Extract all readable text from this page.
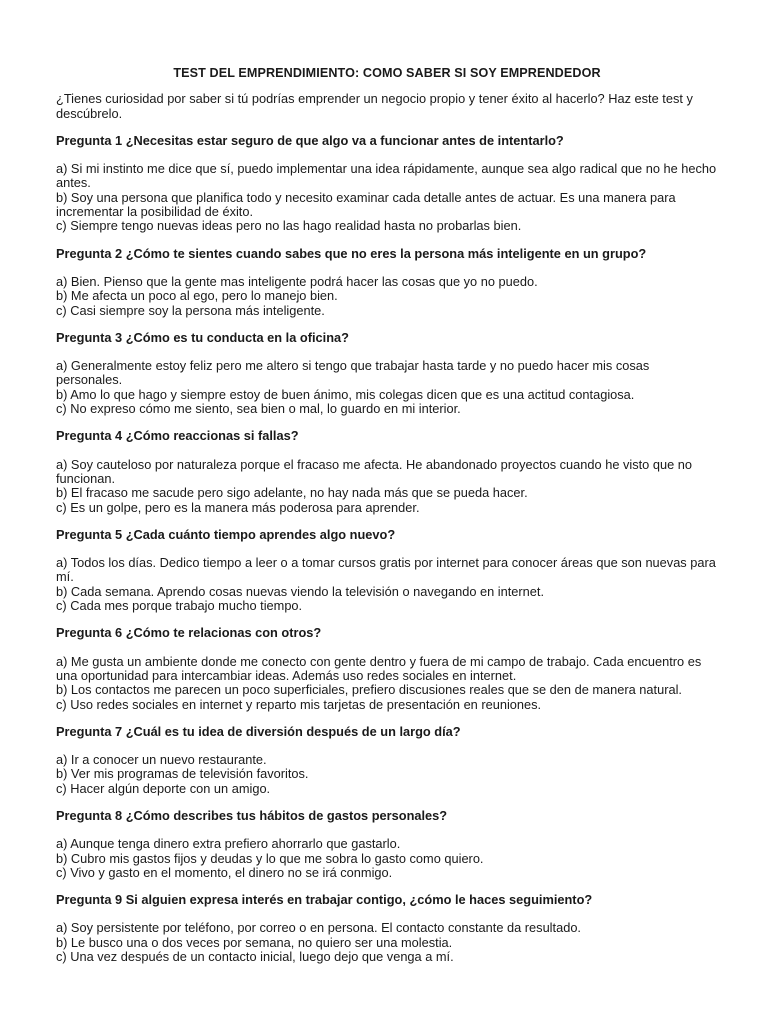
TEST DEL EMPRENDIMIENTO: COMO SABER SI SOY EMPRENDEDOR

¿Tienes curiosidad por saber si tú podrías emprender un negocio propio y tener éxito al hacerlo? Haz este test y descúbrelo.

Pregunta 1 ¿Necesitas estar seguro de que algo va a funcionar antes de intentarlo?

a) Si mi instinto me dice que sí, puedo implementar una idea rápidamente, aunque sea algo radical que no he hecho antes.

b) Soy una persona que planifica todo y necesito examinar cada detalle antes de actuar. Es una manera para incrementar la posibilidad de éxito.

c) Siempre tengo nuevas ideas pero no las hago realidad hasta no probarlas bien.

Pregunta 2 ¿Cómo te sientes cuando sabes que no eres la persona más inteligente en un grupo?

a) Bien. Pienso que la gente mas inteligente podrá hacer las cosas que yo no puedo.

b) Me afecta un poco al ego, pero lo manejo bien.

c) Casi siempre soy la persona más inteligente.

Pregunta 3 ¿Cómo es tu conducta en la oficina?

a) Generalmente estoy feliz pero me altero si tengo que trabajar hasta tarde y no puedo hacer mis cosas personales.

b) Amo lo que hago y siempre estoy de buen ánimo, mis colegas dicen que es una actitud contagiosa.

c) No expreso cómo me siento, sea bien o mal, lo guardo en mi interior.

Pregunta 4 ¿Cómo reaccionas si fallas?

a) Soy cauteloso por naturaleza porque el fracaso me afecta. He abandonado proyectos cuando he visto que no funcionan.

b) El fracaso me sacude pero sigo adelante, no hay nada más que se pueda hacer.

c) Es un golpe, pero es la manera más poderosa para aprender.

Pregunta 5 ¿Cada cuánto tiempo aprendes algo nuevo?

a) Todos los días. Dedico tiempo a leer o a tomar cursos gratis por internet para conocer áreas que son nuevas para mí.

b) Cada semana. Aprendo cosas nuevas viendo la televisión o navegando en internet.

c) Cada mes porque trabajo mucho tiempo.

Pregunta 6 ¿Cómo te relacionas con otros?

a) Me gusta un ambiente donde me conecto con gente dentro y fuera de mi campo de trabajo. Cada encuentro es una oportunidad para intercambiar ideas. Además uso redes sociales en internet.

b) Los contactos me parecen un poco superficiales, prefiero discusiones reales que se den de manera natural.

c) Uso redes sociales en internet y reparto mis tarjetas de presentación en reuniones.

Pregunta 7 ¿Cuál es tu idea de diversión después de un largo día?

a) Ir a conocer un nuevo restaurante.

b) Ver mis programas de televisión favoritos.

c) Hacer algún deporte con un amigo.

Pregunta 8 ¿Cómo describes tus hábitos de gastos personales?

a) Aunque tenga dinero extra prefiero ahorrarlo que gastarlo.

b) Cubro mis gastos fijos y deudas y lo que me sobra lo gasto como quiero.

c) Vivo y gasto en el momento, el dinero no se irá conmigo.

Pregunta 9 Si alguien expresa interés en trabajar contigo, ¿cómo le haces seguimiento?

a) Soy persistente por teléfono, por correo o en persona. El contacto constante da resultado.

b) Le busco una o dos veces por semana, no quiero ser una molestia.

c) Una vez después de un contacto inicial, luego dejo que venga a mí.
